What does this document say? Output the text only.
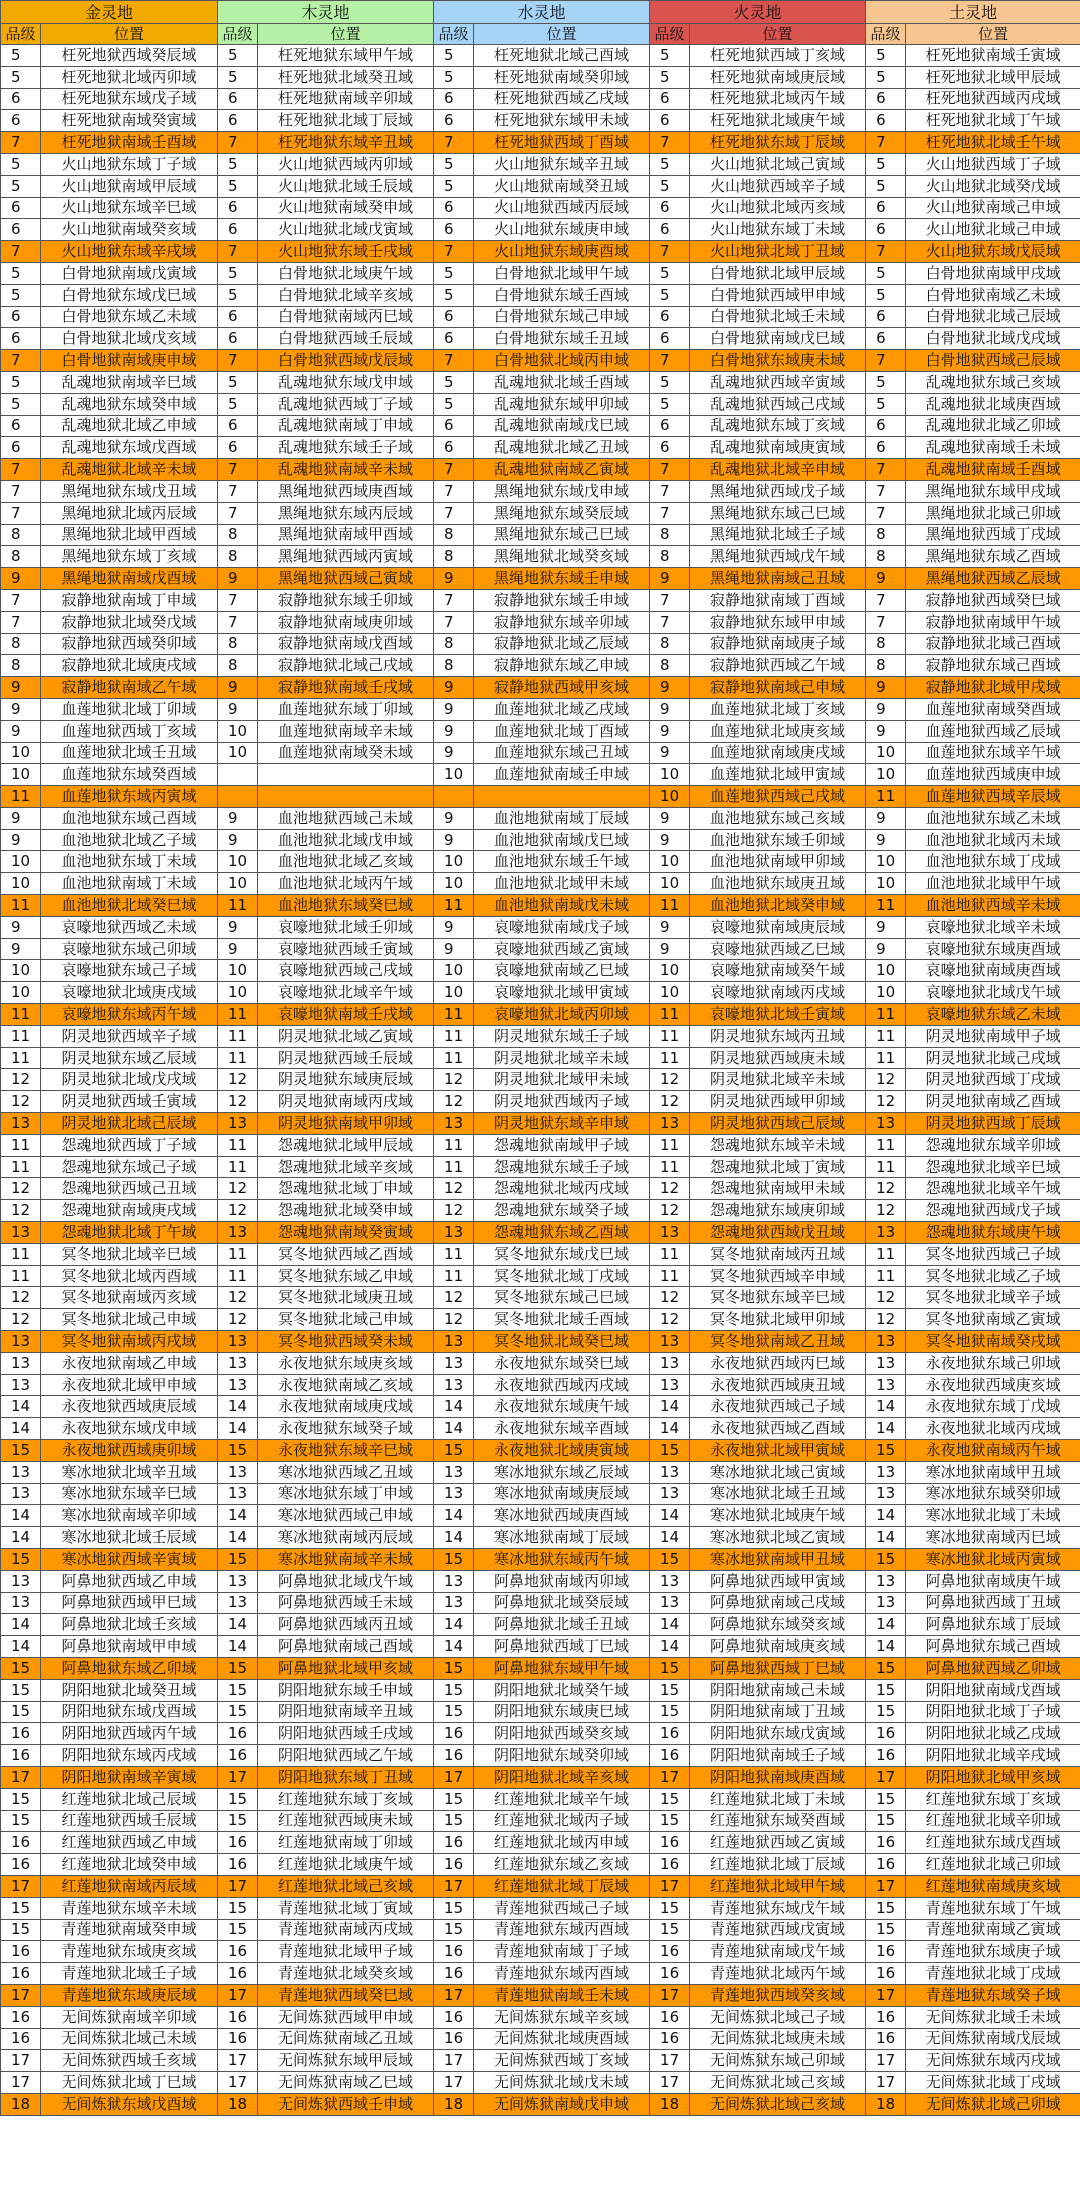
金灵地		木灵地		水灵地		火灵地		土灵地	
品级	位置	品级	位置	品级	位置	品级	位置	品级	位置
5	枉死地狱西域癸辰域	5	枉死地狱东域甲午域	5	枉死地狱北域己酉域	5	枉死地狱西域丁亥域	5	枉死地狱南域壬寅域
5	枉死地狱北域丙卯域	5	枉死地狱北域癸丑域	5	枉死地狱南域癸卯域	5	枉死地狱南域庚辰域	5	枉死地狱北域甲辰域
6	枉死地狱东域戊子域	6	枉死地狱南域辛卯域	6	枉死地狱西域乙戌域	6	枉死地狱北域丙午域	6	枉死地狱西域丙戌域
6	枉死地狱南域癸寅域	6	枉死地狱北域丁辰域	6	枉死地狱东域甲未域	6	枉死地狱北域庚午域	6	枉死地狱北域丁午域
7	枉死地狱南域壬酉域	7	枉死地狱东域辛丑域	7	枉死地狱西域丁酉域	7	枉死地狱东域丁辰域	7	枉死地狱北域壬午域
5	火山地狱东域丁子域	5	火山地狱西域丙卯域	5	火山地狱东域辛丑域	5	火山地狱北域己寅域	5	火山地狱西域丁子域
5	火山地狱南域甲辰域	5	火山地狱北域壬辰域	5	火山地狱南域癸丑域	5	火山地狱西域辛子域	5	火山地狱北域癸戊域
6	火山地狱东域辛巳域	6	火山地狱南域癸申域	6	火山地狱西域丙辰域	6	火山地狱北域丙亥域	6	火山地狱南域己申域
6	火山地狱南域癸亥域	6	火山地狱北域戊寅域	6	火山地狱东域庚申域	6	火山地狱东域丁未域	6	火山地狱北域己申域
7	火山地狱东域辛戌域	7	火山地狱东域壬戌域	7	火山地狱东域庚酉域	7	火山地狱北域丁丑域	7	火山地狱东域戊辰域
5	白骨地狱南域戊寅域	5	白骨地狱北域庚午域	5	白骨地狱北域甲午域	5	白骨地狱北域甲辰域	5	白骨地狱南域甲戌域
5	白骨地狱东域戊巳域	5	白骨地狱北域辛亥域	5	白骨地狱东域壬酉域	5	白骨地狱西域甲申域	5	白骨地狱南域乙未域
6	白骨地狱东域乙未域	6	白骨地狱南域丙巳域	6	白骨地狱东域己申域	6	白骨地狱北域壬未域	6	白骨地狱北域己辰域
6	白骨地狱北域戊亥域	6	白骨地狱西域壬辰域	6	白骨地狱东域壬丑域	6	白骨地狱南域戊巳域	6	白骨地狱北域戊戌域
7	白骨地狱南域庚申域	7	白骨地狱西域戊辰域	7	白骨地狱北域丙申域	7	白骨地狱东域庚未域	7	白骨地狱西域己辰域
5	乱魂地狱南域辛巳域	5	乱魂地狱东域戊申域	5	乱魂地狱北域壬酉域	5	乱魂地狱西域辛寅域	5	乱魂地狱东域己亥域
5	乱魂地狱东域癸申域	5	乱魂地狱西域丁子域	5	乱魂地狱东域甲卯域	5	乱魂地狱西域己戌域	5	乱魂地狱北域庚酉域
6	乱魂地狱北域乙申域	6	乱魂地狱南域丁申域	6	乱魂地狱南域戊巳域	6	乱魂地狱东域丁亥域	6	乱魂地狱北域乙卯域
6	乱魂地狱东域戊酉域	6	乱魂地狱东域壬子域	6	乱魂地狱北域乙丑域	6	乱魂地狱南域庚寅域	6	乱魂地狱南域壬未域
7	乱魂地狱北域辛未域	7	乱魂地狱南域辛未域	7	乱魂地狱南域乙寅域	7	乱魂地狱北域辛申域	7	乱魂地狱南域壬酉域
7	黑绳地狱东域戊丑域	7	黑绳地狱西域庚酉域	7	黑绳地狱东域戊申域	7	黑绳地狱西域戊子域	7	黑绳地狱东域甲戌域
7	黑绳地狱北域丙辰域	7	黑绳地狱东域丙辰域	7	黑绳地狱东域癸辰域	7	黑绳地狱东域己巳域	7	黑绳地狱北域己卯域
8	黑绳地狱北域甲酉域	8	黑绳地狱南域甲酉域	8	黑绳地狱东域己巳域	8	黑绳地狱北域壬子域	8	黑绳地狱西域丁戌域
8	黑绳地狱东域丁亥域	8	黑绳地狱西域丙寅域	8	黑绳地狱北域癸亥域	8	黑绳地狱西域戊午域	8	黑绳地狱东域乙酉域
9	黑绳地狱南域戊酉域	9	黑绳地狱西域己寅域	9	黑绳地狱东域壬申域	9	黑绳地狱南域己丑域	9	黑绳地狱西域乙辰域
7	寂静地狱南域丁申域	7	寂静地狱东域壬卯域	7	寂静地狱东域壬申域	7	寂静地狱南域丁酉域	7	寂静地狱西域癸巳域
7	寂静地狱北域癸戊域	7	寂静地狱南域庚卯域	7	寂静地狱东域辛卯域	7	寂静地狱东域甲申域	7	寂静地狱南域甲午域
8	寂静地狱西域癸卯域	8	寂静地狱南域戊酉域	8	寂静地狱北域乙辰域	8	寂静地狱南域庚子域	8	寂静地狱北域己酉域
8	寂静地狱北域庚戌域	8	寂静地狱北域己戌域	8	寂静地狱东域乙申域	8	寂静地狱西域乙午域	8	寂静地狱东域己酉域
9	寂静地狱南域乙午域	9	寂静地狱南域壬戌域	9	寂静地狱西域甲亥域	9	寂静地狱南域己申域	9	寂静地狱北域甲戌域
9	血莲地狱北域丁卯域	9	血莲地狱东域丁卯域	9	血莲地狱北域乙戌域	9	血莲地狱北域丁亥域	9	血莲地狱南域癸酉域
9	血莲地狱西域丁亥域	10	血莲地狱南域辛未域	9	血莲地狱北域丁酉域	9	血莲地狱北域庚亥域	9	血莲地狱西域乙辰域
10	血莲地狱北域壬丑域	10	血莲地狱南域癸未域	9	血莲地狱东域己丑域	9	血莲地狱南域庚戌域	10	血莲地狱东域辛午域
10	血莲地狱东域癸酉域			10	血莲地狱南域壬申域	10	血莲地狱北域甲寅域	10	血莲地狱西域庚申域
11	血莲地狱东域丙寅域					10	血莲地狱西域己戌域	11	血莲地狱西域辛辰域
9	血池地狱东域己酉域	9	血池地狱西域己未域	9	血池地狱南域丁辰域	9	血池地狱东域己亥域	9	血池地狱东域乙未域
9	血池地狱北域乙子域	9	血池地狱北域戊申域	9	血池地狱南域戊巳域	9	血池地狱东域壬卯域	9	血池地狱北域丙未域
10	血池地狱东域丁未域	10	血池地狱北域乙亥域	10	血池地狱东域壬午域	10	血池地狱南域甲卯域	10	血池地狱东域丁戌域
10	血池地狱南域丁未域	10	血池地狱北域丙午域	10	血池地狱北域甲未域	10	血池地狱东域庚丑域	10	血池地狱北域甲午域
11	血池地狱北域癸巳域	11	血池地狱东域癸巳域	11	血池地狱南域戊未域	11	血池地狱北域癸申域	11	血池地狱西域辛未域
9	哀嚎地狱西域乙未域	9	哀嚎地狱北域壬卯域	9	哀嚎地狱南域戊子域	9	哀嚎地狱南域庚辰域	9	哀嚎地狱北域辛未域
9	哀嚎地狱东域己卯域	9	哀嚎地狱西域壬寅域	9	哀嚎地狱西域乙寅域	9	哀嚎地狱西域乙巳域	9	哀嚎地狱东域庚酉域
10	哀嚎地狱东域己子域	10	哀嚎地狱西域己戌域	10	哀嚎地狱南域乙巳域	10	哀嚎地狱南域癸午域	10	哀嚎地狱南域庚酉域
10	哀嚎地狱北域庚戌域	10	哀嚎地狱北域辛午域	10	哀嚎地狱北域甲寅域	10	哀嚎地狱南域丙戌域	10	哀嚎地狱北域戊午域
11	哀嚎地狱东域丙午域	11	哀嚎地狱南域壬戌域	11	哀嚎地狱北域丙卯域	11	哀嚎地狱北域壬寅域	11	哀嚎地狱东域乙未域
11	阴灵地狱西域辛子域	11	阴灵地狱北域乙寅域	11	阴灵地狱东域壬子域	11	阴灵地狱东域丙丑域	11	阴灵地狱南域甲子域
11	阴灵地狱东域乙辰域	11	阴灵地狱西域壬辰域	11	阴灵地狱北域辛未域	11	阴灵地狱西域庚未域	11	阴灵地狱北域己戌域
12	阴灵地狱北域戊戌域	12	阴灵地狱东域庚辰域	12	阴灵地狱北域甲未域	12	阴灵地狱北域辛未域	12	阴灵地狱西域丁戌域
12	阴灵地狱西域壬寅域	12	阴灵地狱南域丙戌域	12	阴灵地狱西域丙子域	12	阴灵地狱西域甲卯域	12	阴灵地狱南域乙酉域
13	阴灵地狱北域己辰域	13	阴灵地狱南域甲卯域	13	阴灵地狱东域辛申域	13	阴灵地狱西域己辰域	13	阴灵地狱西域丁辰域
11	怨魂地狱西域丁子域	11	怨魂地狱北域甲辰域	11	怨魂地狱南域甲子域	11	怨魂地狱东域辛未域	11	怨魂地狱东域辛卯域
11	怨魂地狱东域己子域	11	怨魂地狱北域辛亥域	11	怨魂地狱东域壬子域	11	怨魂地狱北域丁寅域	11	怨魂地狱北域辛巳域
12	怨魂地狱西域己丑域	12	怨魂地狱北域丁申域	12	怨魂地狱北域丙戌域	12	怨魂地狱南域甲未域	12	怨魂地狱北域辛午域
12	怨魂地狱南域庚戌域	12	怨魂地狱北域癸申域	12	怨魂地狱东域癸子域	12	怨魂地狱东域庚卯域	12	怨魂地狱西域戊子域
13	怨魂地狱北域丁午域	13	怨魂地狱南域癸寅域	13	怨魂地狱东域乙酉域	13	怨魂地狱西域戊丑域	13	怨魂地狱东域庚午域
11	冥冬地狱北域辛巳域	11	冥冬地狱西域乙酉域	11	冥冬地狱东域戊巳域	11	冥冬地狱南域丙丑域	11	冥冬地狱西域己子域
11	冥冬地狱北域丙酉域	11	冥冬地狱东域乙申域	11	冥冬地狱北域丁戌域	11	冥冬地狱西域辛申域	11	冥冬地狱北域乙子域
12	冥冬地狱南域丙亥域	12	冥冬地狱北域庚丑域	12	冥冬地狱东域己巳域	12	冥冬地狱东域辛巳域	12	冥冬地狱北域辛子域
12	冥冬地狱北域己申域	12	冥冬地狱北域己申域	12	冥冬地狱北域壬酉域	12	冥冬地狱北域甲卯域	12	冥冬地狱南域乙寅域
13	冥冬地狱南域丙戌域	13	冥冬地狱西域癸未域	13	冥冬地狱北域癸巳域	13	冥冬地狱南域乙丑域	13	冥冬地狱南域癸戌域
13	永夜地狱南域乙申域	13	永夜地狱东域庚亥域	13	永夜地狱东域癸巳域	13	永夜地狱西域丙巳域	13	永夜地狱东域己卯域
13	永夜地狱北域甲申域	13	永夜地狱南域乙亥域	13	永夜地狱西域丙戌域	13	永夜地狱西域庚丑域	13	永夜地狱西域庚亥域
14	永夜地狱西域庚辰域	14	永夜地狱南域庚戌域	14	永夜地狱东域庚午域	14	永夜地狱西域己子域	14	永夜地狱东域丁戊域
14	永夜地狱东域戊申域	14	永夜地狱东域癸子域	14	永夜地狱东域辛酉域	14	永夜地狱西域乙酉域	14	永夜地狱北域丙戌域
15	永夜地狱西域庚卯域	15	永夜地狱东域辛巳域	15	永夜地狱北域庚寅域	15	永夜地狱北域甲寅域	15	永夜地狱南域丙午域
13	寒冰地狱北域辛丑域	13	寒冰地狱西域乙丑域	13	寒冰地狱东域乙辰域	13	寒冰地狱北域己寅域	13	寒冰地狱南域甲丑域
13	寒冰地狱东域辛巳域	13	寒冰地狱东域丁申域	13	寒冰地狱南域庚辰域	13	寒冰地狱北域壬丑域	13	寒冰地狱东域癸卯域
14	寒冰地狱南域辛卯域	14	寒冰地狱西域己申域	14	寒冰地狱西域庚酉域	14	寒冰地狱北域庚午域	14	寒冰地狱北域丁未域
14	寒冰地狱北域壬辰域	14	寒冰地狱南域丙辰域	14	寒冰地狱南域丁辰域	14	寒冰地狱北域乙寅域	14	寒冰地狱南域丙巳域
15	寒冰地狱西域辛寅域	15	寒冰地狱南域辛未域	15	寒冰地狱东域丙午域	15	寒冰地狱南域甲丑域	15	寒冰地狱北域丙寅域
13	阿鼻地狱西域乙申域	13	阿鼻地狱北域戊午域	13	阿鼻地狱南域丙卯域	13	阿鼻地狱西域甲寅域	13	阿鼻地狱南域庚午域
13	阿鼻地狱西域甲巳域	13	阿鼻地狱西域壬未域	13	阿鼻地狱北域癸辰域	13	阿鼻地狱南域己戌域	13	阿鼻地狱西域丁丑域
14	阿鼻地狱北域壬亥域	14	阿鼻地狱西域丙丑域	14	阿鼻地狱北域壬丑域	14	阿鼻地狱东域癸亥域	14	阿鼻地狱东域丁辰域
14	阿鼻地狱南域甲申域	14	阿鼻地狱南域己酉域	14	阿鼻地狱西域丁巳域	14	阿鼻地狱南域庚亥域	14	阿鼻地狱东域己酉域
15	阿鼻地狱东域乙卯域	15	阿鼻地狱北域甲亥域	15	阿鼻地狱东域甲午域	15	阿鼻地狱西域丁巳域	15	阿鼻地狱西域乙卯域
15	阴阳地狱北域癸丑域	15	阴阳地狱东域壬申域	15	阴阳地狱北域癸午域	15	阴阳地狱南域己未域	15	阴阳地狱南域戊酉域
15	阴阳地狱东域戊酉域	15	阴阳地狱南域辛丑域	15	阴阳地狱东域庚巳域	15	阴阳地狱南域丁丑域	15	阴阳地狱北域丁子域
16	阴阳地狱西域丙午域	16	阴阳地狱西域壬戌域	16	阴阳地狱西域癸亥域	16	阴阳地狱东域戊寅域	16	阴阳地狱北域乙戌域
16	阴阳地狱东域丙戌域	16	阴阳地狱西域乙午域	16	阴阳地狱东域癸卯域	16	阴阳地狱南域壬子域	16	阴阳地狱北域辛戌域
17	阴阳地狱南域辛寅域	17	阴阳地狱东域丁丑域	17	阴阳地狱北域辛亥域	17	阴阳地狱南域庚酉域	17	阴阳地狱北域甲亥域
15	红莲地狱北域己辰域	15	红莲地狱东域丁亥域	15	红莲地狱北域辛午域	15	红莲地狱北域丁未域	15	红莲地狱东域丁亥域
15	红莲地狱西域壬辰域	15	红莲地狱西域庚未域	15	红莲地狱北域丙子域	15	红莲地狱东域癸酉域	15	红莲地狱北域辛卯域
16	红莲地狱西域乙申域	16	红莲地狱南域丁卯域	16	红莲地狱北域丙申域	16	红莲地狱西域乙寅域	16	红莲地狱东域戊酉域
16	红莲地狱北域癸申域	16	红莲地狱北域庚午域	16	红莲地狱东域乙亥域	16	红莲地狱北域丁辰域	16	红莲地狱北域己卯域
17	红莲地狱南域丙辰域	17	红莲地狱北域己亥域	17	红莲地狱北域丁辰域	17	红莲地狱北域甲午域	17	红莲地狱南域庚亥域
15	青莲地狱东域辛未域	15	青莲地狱北域丁寅域	15	青莲地狱西域己子域	15	青莲地狱东域戊午域	15	青莲地狱东域丁午域
15	青莲地狱南域癸申域	15	青莲地狱南域丙戌域	15	青莲地狱东域丙酉域	15	青莲地狱西域戊寅域	15	青莲地狱南域乙寅域
16	青莲地狱东域庚亥域	16	青莲地狱北域甲子域	16	青莲地狱南域丁子域	16	青莲地狱南域戊午域	16	青莲地狱东域庚子域
16	青莲地狱北域壬子域	16	青莲地狱北域癸亥域	16	青莲地狱东域丙酉域	16	青莲地狱北域丙午域	16	青莲地狱北域丁戌域
17	青莲地狱东域庚辰域	17	青莲地狱西域癸巳域	17	青莲地狱南域壬未域	17	青莲地狱西域癸亥域	17	青莲地狱东域癸子域
16	无间炼狱南域辛卯域	16	无间炼狱西域甲申域	16	无间炼狱东域辛亥域	16	无间炼狱北域己子域	16	无间炼狱北域壬未域
16	无间炼狱北域己未域	16	无间炼狱南域乙丑域	16	无间炼狱北域庚酉域	16	无间炼狱北域庚未域	16	无间炼狱南域戊辰域
17	无间炼狱西域壬亥域	17	无间炼狱东域甲辰域	17	无间炼狱西域丁亥域	17	无间炼狱东域己卯域	17	无间炼狱东域丙戌域
17	无间炼狱北域丁巳域	17	无间炼狱南域乙巳域	17	无间炼狱北域戊未域	17	无间炼狱北域己亥域	17	无间炼狱北域丁戌域
18	无间炼狱东域戊酉域	18	无间炼狱西域壬申域	18	无间炼狱南域戊申域	18	无间炼狱北域己亥域	18	无间炼狱北域己卯域
